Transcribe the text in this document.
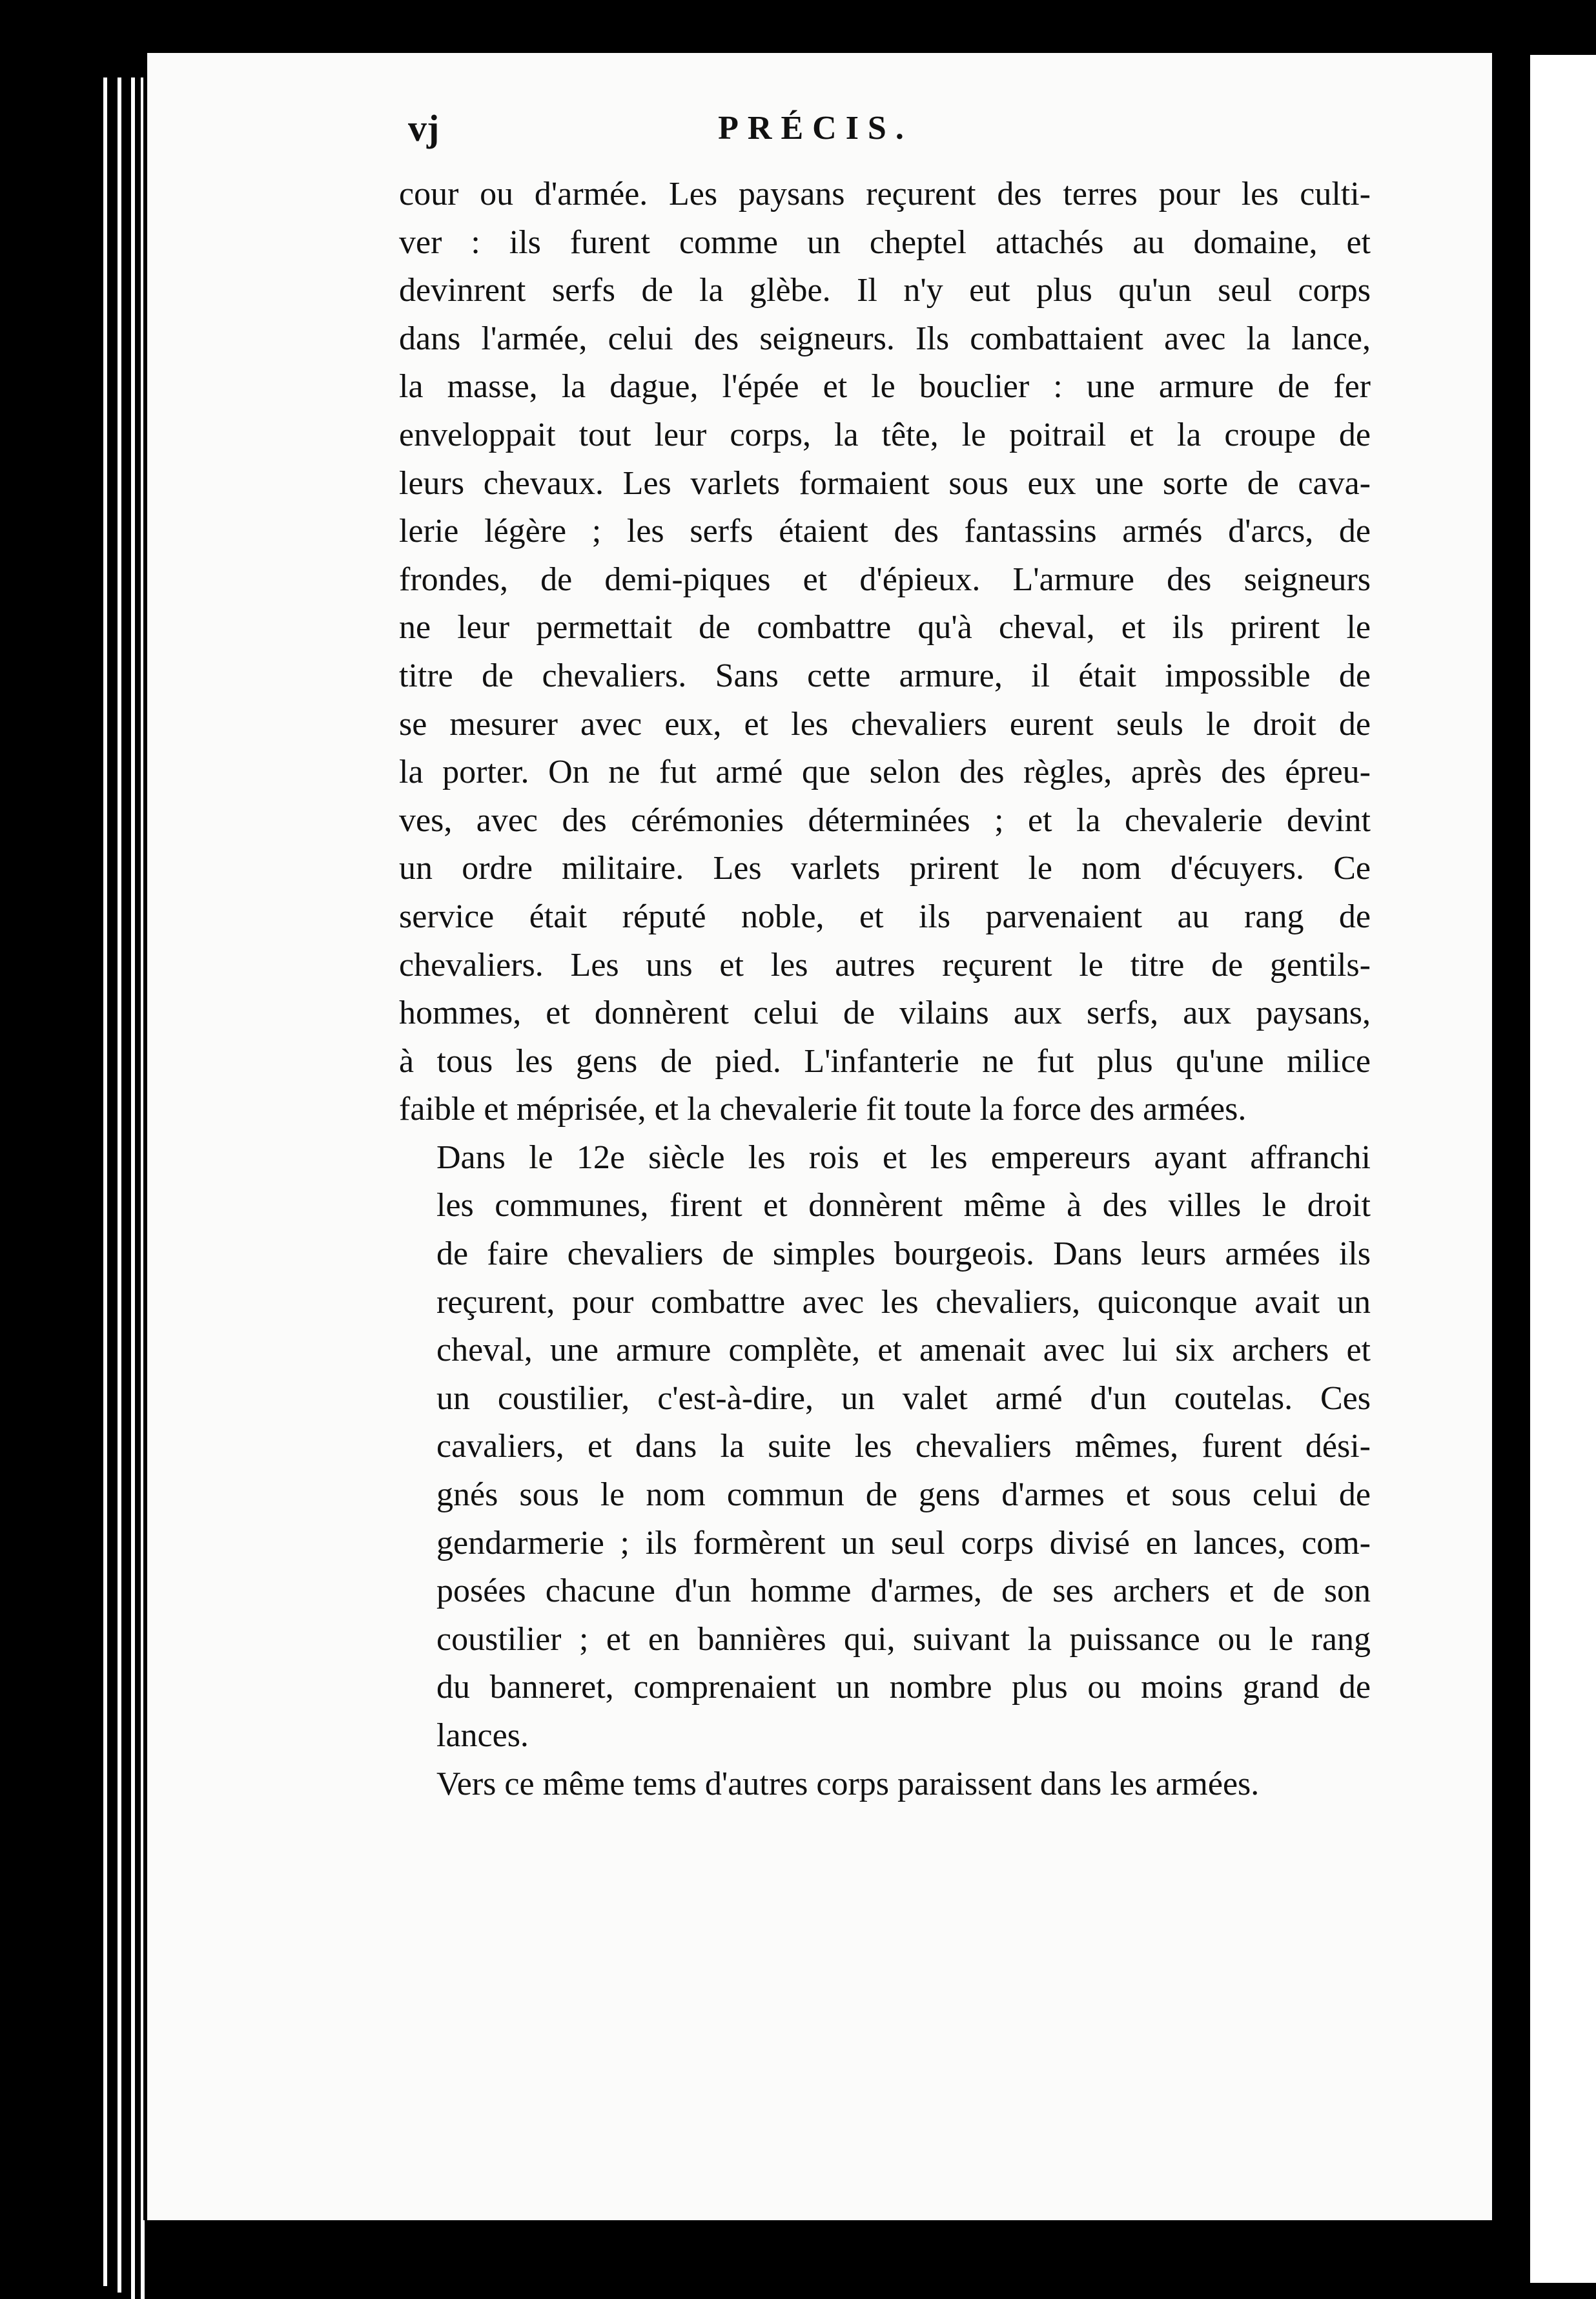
vj	PRÉCIS.

cour ou d'armée. Les paysans reçurent des terres pour les culti-
ver : ils furent comme un cheptel attachés au domaine, et
devinrent serfs de la glèbe. Il n'y eut plus qu'un seul corps
dans l'armée, celui des seigneurs. Ils combattaient avec la lance,
la masse, la dague, l'épée et le bouclier : une armure de fer
enveloppait tout leur corps, la tête, le poitrail et la croupe de
leurs chevaux. Les varlets formaient sous eux une sorte de cava-
lerie légère ; les serfs étaient des fantassins armés d'arcs, de
frondes, de demi-piques et d'épieux. L'armure des seigneurs
ne leur permettait de combattre qu'à cheval, et ils prirent le
titre de chevaliers. Sans cette armure, il était impossible de
se mesurer avec eux, et les chevaliers eurent seuls le droit de
la porter. On ne fut armé que selon des règles, après des épreu-
ves, avec des cérémonies déterminées ; et la chevalerie devint
un ordre militaire. Les varlets prirent le nom d'écuyers. Ce
service était réputé noble, et ils parvenaient au rang de
chevaliers. Les uns et les autres reçurent le titre de gentils-
hommes, et donnèrent celui de vilains aux serfs, aux paysans,
à tous les gens de pied. L'infanterie ne fut plus qu'une milice
faible et méprisée, et la chevalerie fit toute la force des armées.

Dans le 12e siècle les rois et les empereurs ayant affranchi
les communes, firent et donnèrent même à des villes le droit
de faire chevaliers de simples bourgeois. Dans leurs armées ils
reçurent, pour combattre avec les chevaliers, quiconque avait un
cheval, une armure complète, et amenait avec lui six archers et
un coustilier, c'est-à-dire, un valet armé d'un coutelas. Ces
cavaliers, et dans la suite les chevaliers mêmes, furent dési-
gnés sous le nom commun de gens d'armes et sous celui de
gendarmerie ; ils formèrent un seul corps divisé en lances, com-
posées chacune d'un homme d'armes, de ses archers et de son
coustilier ; et en bannières qui, suivant la puissance ou le rang
du banneret, comprenaient un nombre plus ou moins grand de
lances.

Vers ce même tems d'autres corps paraissent dans les armées.
